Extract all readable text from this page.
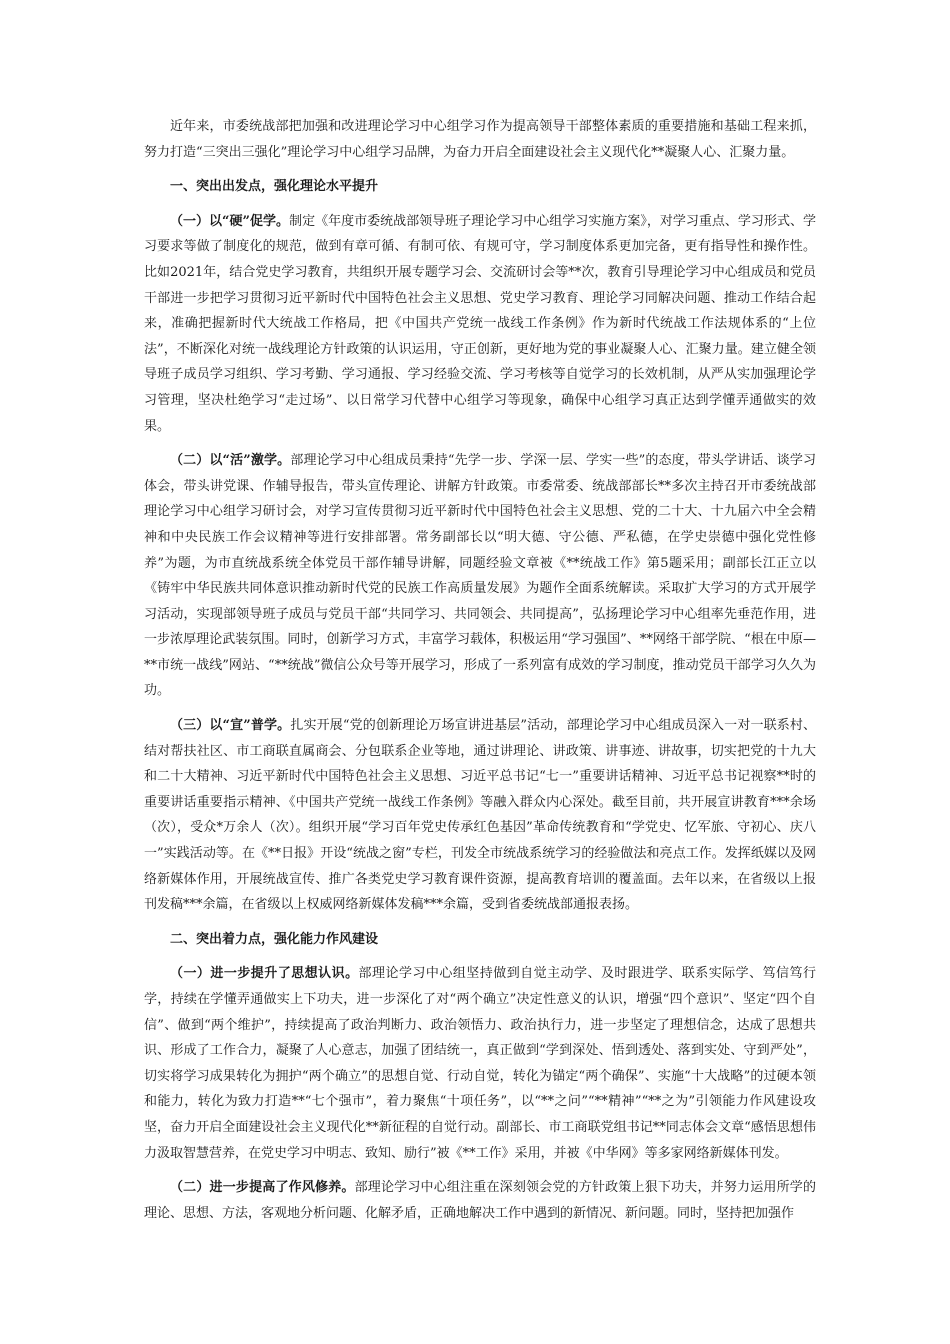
近年来，市委统战部把加强和改进理论学习中心组学习作为提高领导干部整体素质的重要措施和基础工程来抓，努力打造“三突出三强化”理论学习中心组学习品牌，为奋力开启全面建设社会主义现代化**凝聚人心、汇聚力量。

一、突出出发点，强化理论水平提升

（一）以“硬”促学。制定《年度市委统战部领导班子理论学习中心组学习实施方案》，对学习重点、学习形式、学习要求等做了制度化的规范，做到有章可循、有制可依、有规可守，学习制度体系更加完备，更有指导性和操作性。比如2021年，结合党史学习教育，共组织开展专题学习会、交流研讨会等**次，教育引导理论学习中心组成员和党员干部进一步把学习贯彻习近平新时代中国特色社会主义思想、党史学习教育、理论学习同解决问题、推动工作结合起来，准确把握新时代大统战工作格局，把《中国共产党统一战线工作条例》作为新时代统战工作法规体系的“上位法”，不断深化对统一战线理论方针政策的认识运用，守正创新，更好地为党的事业凝聚人心、汇聚力量。建立健全领导班子成员学习组织、学习考勤、学习通报、学习经验交流、学习考核等自觉学习的长效机制，从严从实加强理论学习管理，坚决杜绝学习“走过场”、以日常学习代替中心组学习等现象，确保中心组学习真正达到学懂弄通做实的效果。

（二）以“活”激学。部理论学习中心组成员秉持“先学一步、学深一层、学实一些”的态度，带头学讲话、谈学习体会，带头讲党课、作辅导报告，带头宣传理论、讲解方针政策。市委常委、统战部部长**多次主持召开市委统战部理论学习中心组学习研讨会，对学习宣传贯彻习近平新时代中国特色社会主义思想、党的二十大、十九届六中全会精神和中央民族工作会议精神等进行安排部署。常务副部长以“明大德、守公德、严私德，在学史崇德中强化党性修养”为题，为市直统战系统全体党员干部作辅导讲解，同题经验文章被《**统战工作》第5题采用；副部长江正立以《铸牢中华民族共同体意识推动新时代党的民族工作高质量发展》为题作全面系统解读。采取扩大学习的方式开展学习活动，实现部领导班子成员与党员干部“共同学习、共同领会、共同提高”，弘扬理论学习中心组率先垂范作用，进一步浓厚理论武装氛围。同时，创新学习方式，丰富学习载体，积极运用“学习强国”、**网络干部学院、“根在中原—**市统一战线”网站、“**统战”微信公众号等开展学习，形成了一系列富有成效的学习制度，推动党员干部学习久久为功。

（三）以“宣”普学。扎实开展“党的创新理论万场宣讲进基层”活动，部理论学习中心组成员深入一对一联系村、结对帮扶社区、市工商联直属商会、分包联系企业等地，通过讲理论、讲政策、讲事迹、讲故事，切实把党的十九大和二十大精神、习近平新时代中国特色社会主义思想、习近平总书记“七一”重要讲话精神、习近平总书记视察**时的重要讲话重要指示精神、《中国共产党统一战线工作条例》等融入群众内心深处。截至目前，共开展宣讲教育***余场（次），受众*万余人（次）。组织开展“学习百年党史传承红色基因”革命传统教育和“学党史、忆军旅、守初心、庆八一”实践活动等。在《**日报》开设“统战之窗”专栏，刊发全市统战系统学习的经验做法和亮点工作。发挥纸媒以及网络新媒体作用，开展统战宣传、推广各类党史学习教育课件资源，提高教育培训的覆盖面。去年以来，在省级以上报刊发稿***余篇，在省级以上权威网络新媒体发稿***余篇，受到省委统战部通报表扬。

二、突出着力点，强化能力作风建设

（一）进一步提升了思想认识。部理论学习中心组坚持做到自觉主动学、及时跟进学、联系实际学、笃信笃行学，持续在学懂弄通做实上下功夫，进一步深化了对“两个确立”决定性意义的认识，增强“四个意识”、坚定“四个自信”、做到“两个维护”，持续提高了政治判断力、政治领悟力、政治执行力，进一步坚定了理想信念，达成了思想共识、形成了工作合力，凝聚了人心意志，加强了团结统一，真正做到“学到深处、悟到透处、落到实处、守到严处”，切实将学习成果转化为拥护“两个确立”的思想自觉、行动自觉，转化为锚定“两个确保”、实施“十大战略”的过硬本领和能力，转化为致力打造**“七个强市”，着力聚焦“十项任务”，以“**之问”“**精神”“**之为”引领能力作风建设攻坚，奋力开启全面建设社会主义现代化**新征程的自觉行动。副部长、市工商联党组书记**同志体会文章“感悟思想伟力汲取智慧营养，在党史学习中明志、致知、励行”被《**工作》采用，并被《中华网》等多家网络新媒体刊发。

（二）进一步提高了作风修养。部理论学习中心组注重在深刻领会党的方针政策上狠下功夫，并努力运用所学的理论、思想、方法，客观地分析问题、化解矛盾，正确地解决工作中遇到的新情况、新问题。同时，坚持把加强作
